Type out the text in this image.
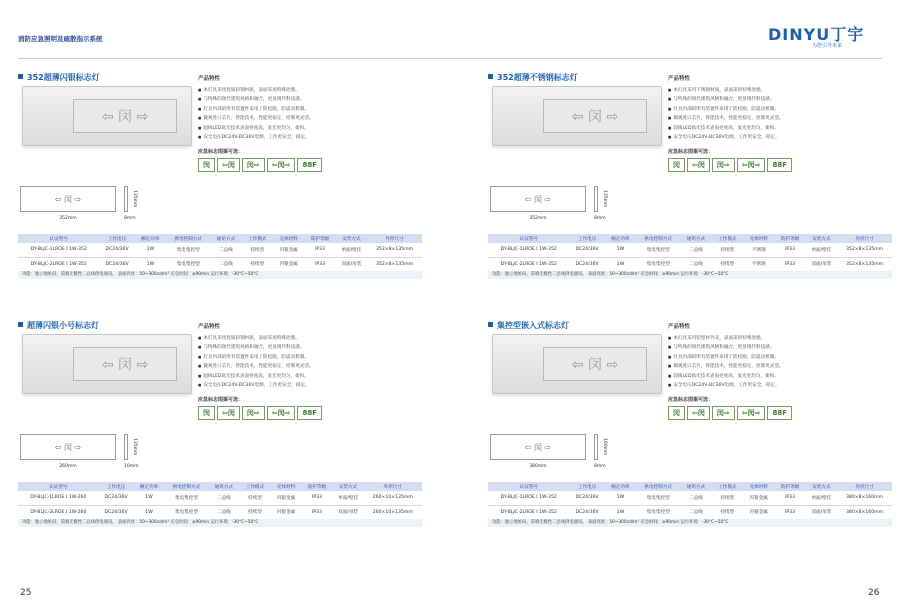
消防应急照明及疏散指示系统	DINYU丁宇
为您引导未来
352超薄闪银标志灯
⇦ 闵 ⇨
产品特性
■ 本灯具采用优质彩钢材质，表面采用特殊处理。
■ 与特殊的现代建筑风格和融合，更显现代科技感。
■ 灯具内部的所有装置件采用了防松脱，防震动机制。
■ 微观进口芯片，智能技术，性能更稳定，控制更灵活。
■ 超线LED高光技术表面亮度高，发光更均匀，柔和。
■ 安全电压DC24V-DC36V电源，工作更安全，稳定。
应急标志图案可选：
闵	⇦闵	闵⇨	⇦闵⇨	88F
⇦ 闵 ⇨
352mm
135mm
8mm
认证型号	工作电压	额定功率	供电控制方式	通讯方式	工作模式	壳体材料	防护等级	安装方式	外形尺寸
DY-BLJC-1LROE I 1W-352	DC24/36V	1W	集电集控型	二总线	持续型	闪银金属	IP33	单面/壁挂	352×8×135mm
DY-BLJC-2LROE I 1W-352	DC24/36V	1W	集电集控型	二总线	持续型	闪银金属	IP33	双面/吊装	352×8×135mm
功能：独立地址码，前端无极性二总线供电通讯。 表面亮度：50~300cd/m² 应急时间：≥90min 运行环境：-30°C~50°C
352超薄不锈钢标志灯
⇦ 闵 ⇨
产品特性
■ 本灯具采用不锈钢材质，表面采用特殊处理。
■ 与特殊的现代建筑风格和融合，更显现代科技感。
■ 灯具内部的所有装置件采用了防松脱，防震动机制。
■ 微观进口芯片，智能技术，性能更稳定，控制更灵活。
■ 超线LED高光技术表面亮度高，发光更均匀，柔和。
■ 安全电压DC24V-DC36V电源，工作更安全，稳定。
应急标志图案可选：
闵	⇦闵	闵⇨	⇦闵⇨	88F
⇦ 闵 ⇨
352mm
135mm
8mm
认证型号	工作电压	额定功率	供电控制方式	通讯方式	工作模式	壳体材料	防护等级	安装方式	外形尺寸
DY-BLJC-1LROE I 1W-352	DC24/36V	1W	集电集控型	二总线	持续型	不锈钢	IP33	单面/壁挂	352×8×135mm
DY-BLJC-2LROE I 1W-352	DC24/36V	1W	集电集控型	二总线	持续型	不锈钢	IP33	双面/吊装	352×8×135mm
功能：独立地址码，前端无极性二总线供电通讯。 表面亮度：50~300cd/m² 应急时间：≥90min 运行环境：-30°C~50°C
超薄闪银小号标志灯
⇦ 闵 ⇨
产品特性
■ 本灯具采用优质彩钢材质，表面采用特殊处理。
■ 与特殊的现代建筑风格和融合，更显现代科技感。
■ 灯具内部的所有装置件采用了防松脱，防震动机制。
■ 微观进口芯片，智能技术，性能更稳定，控制更灵活。
■ 超线LED高光技术表面亮度高，发光更均匀，柔和。
■ 安全电压DC24V-DC36V电源，工作更安全，稳定。
应急标志图案可选：
闵	⇦闵	闵⇨	⇦闵⇨	88F
⇦ 闵 ⇨
260mm
135mm
10mm
认证型号	工作电压	额定功率	供电控制方式	通讯方式	工作模式	壳体材料	防护等级	安装方式	外形尺寸
DY-BLJC-1LROE I 1W-260	DC24/36V	1W	集电集控型	二总线	持续型	闪银金属	IP33	单面/壁挂	260×10×135mm
DY-BLJC-2LROE I 1W-260	DC24/36V	1W	集电集控型	二总线	持续型	闪银金属	IP33	双面/吊装	260×10×135mm
功能：独立地址码，前端无极性二总线供电通讯。 表面亮度：50~300cd/m² 应急时间：≥90min 运行环境：-30°C~50°C
集控型嵌入式标志灯
⇦ 闵 ⇨
产品特性
■ 本灯具采用铝型材外壳，表面采用特殊处理。
■ 与特殊的现代建筑风格和融合，更显现代科技感。
■ 灯具内部的所有装置件采用了防松脱，防震动机制。
■ 微观进口芯片，智能技术，性能更稳定，控制更灵活。
■ 超线LED高光技术表面亮度高，发光更均匀，柔和。
■ 安全电压DC24V-DC36V电源，工作更安全，稳定。
应急标志图案可选：
闵	⇦闵	闵⇨	⇦闵⇨	88F
⇦ 闵 ⇨
380mm
160mm
8mm
认证型号	工作电压	额定功率	供电控制方式	通讯方式	工作模式	壳体材料	防护等级	安装方式	外形尺寸
DY-BLJC-1LROE I 1W-352	DC24/36V	1W	集电集控型	二总线	持续型	闪银金属	IP33	单面/壁挂	380×8×160mm
DY-BLJC-2LROE I 1W-352	DC24/36V	1W	集电集控型	二总线	持续型	闪银金属	IP33	双面/吊装	380×8×160mm
功能：独立地址码，前端无极性二总线供电通讯。 表面亮度：50~300cd/m² 应急时间：≥90min 运行环境：-30°C~50°C
25	26
